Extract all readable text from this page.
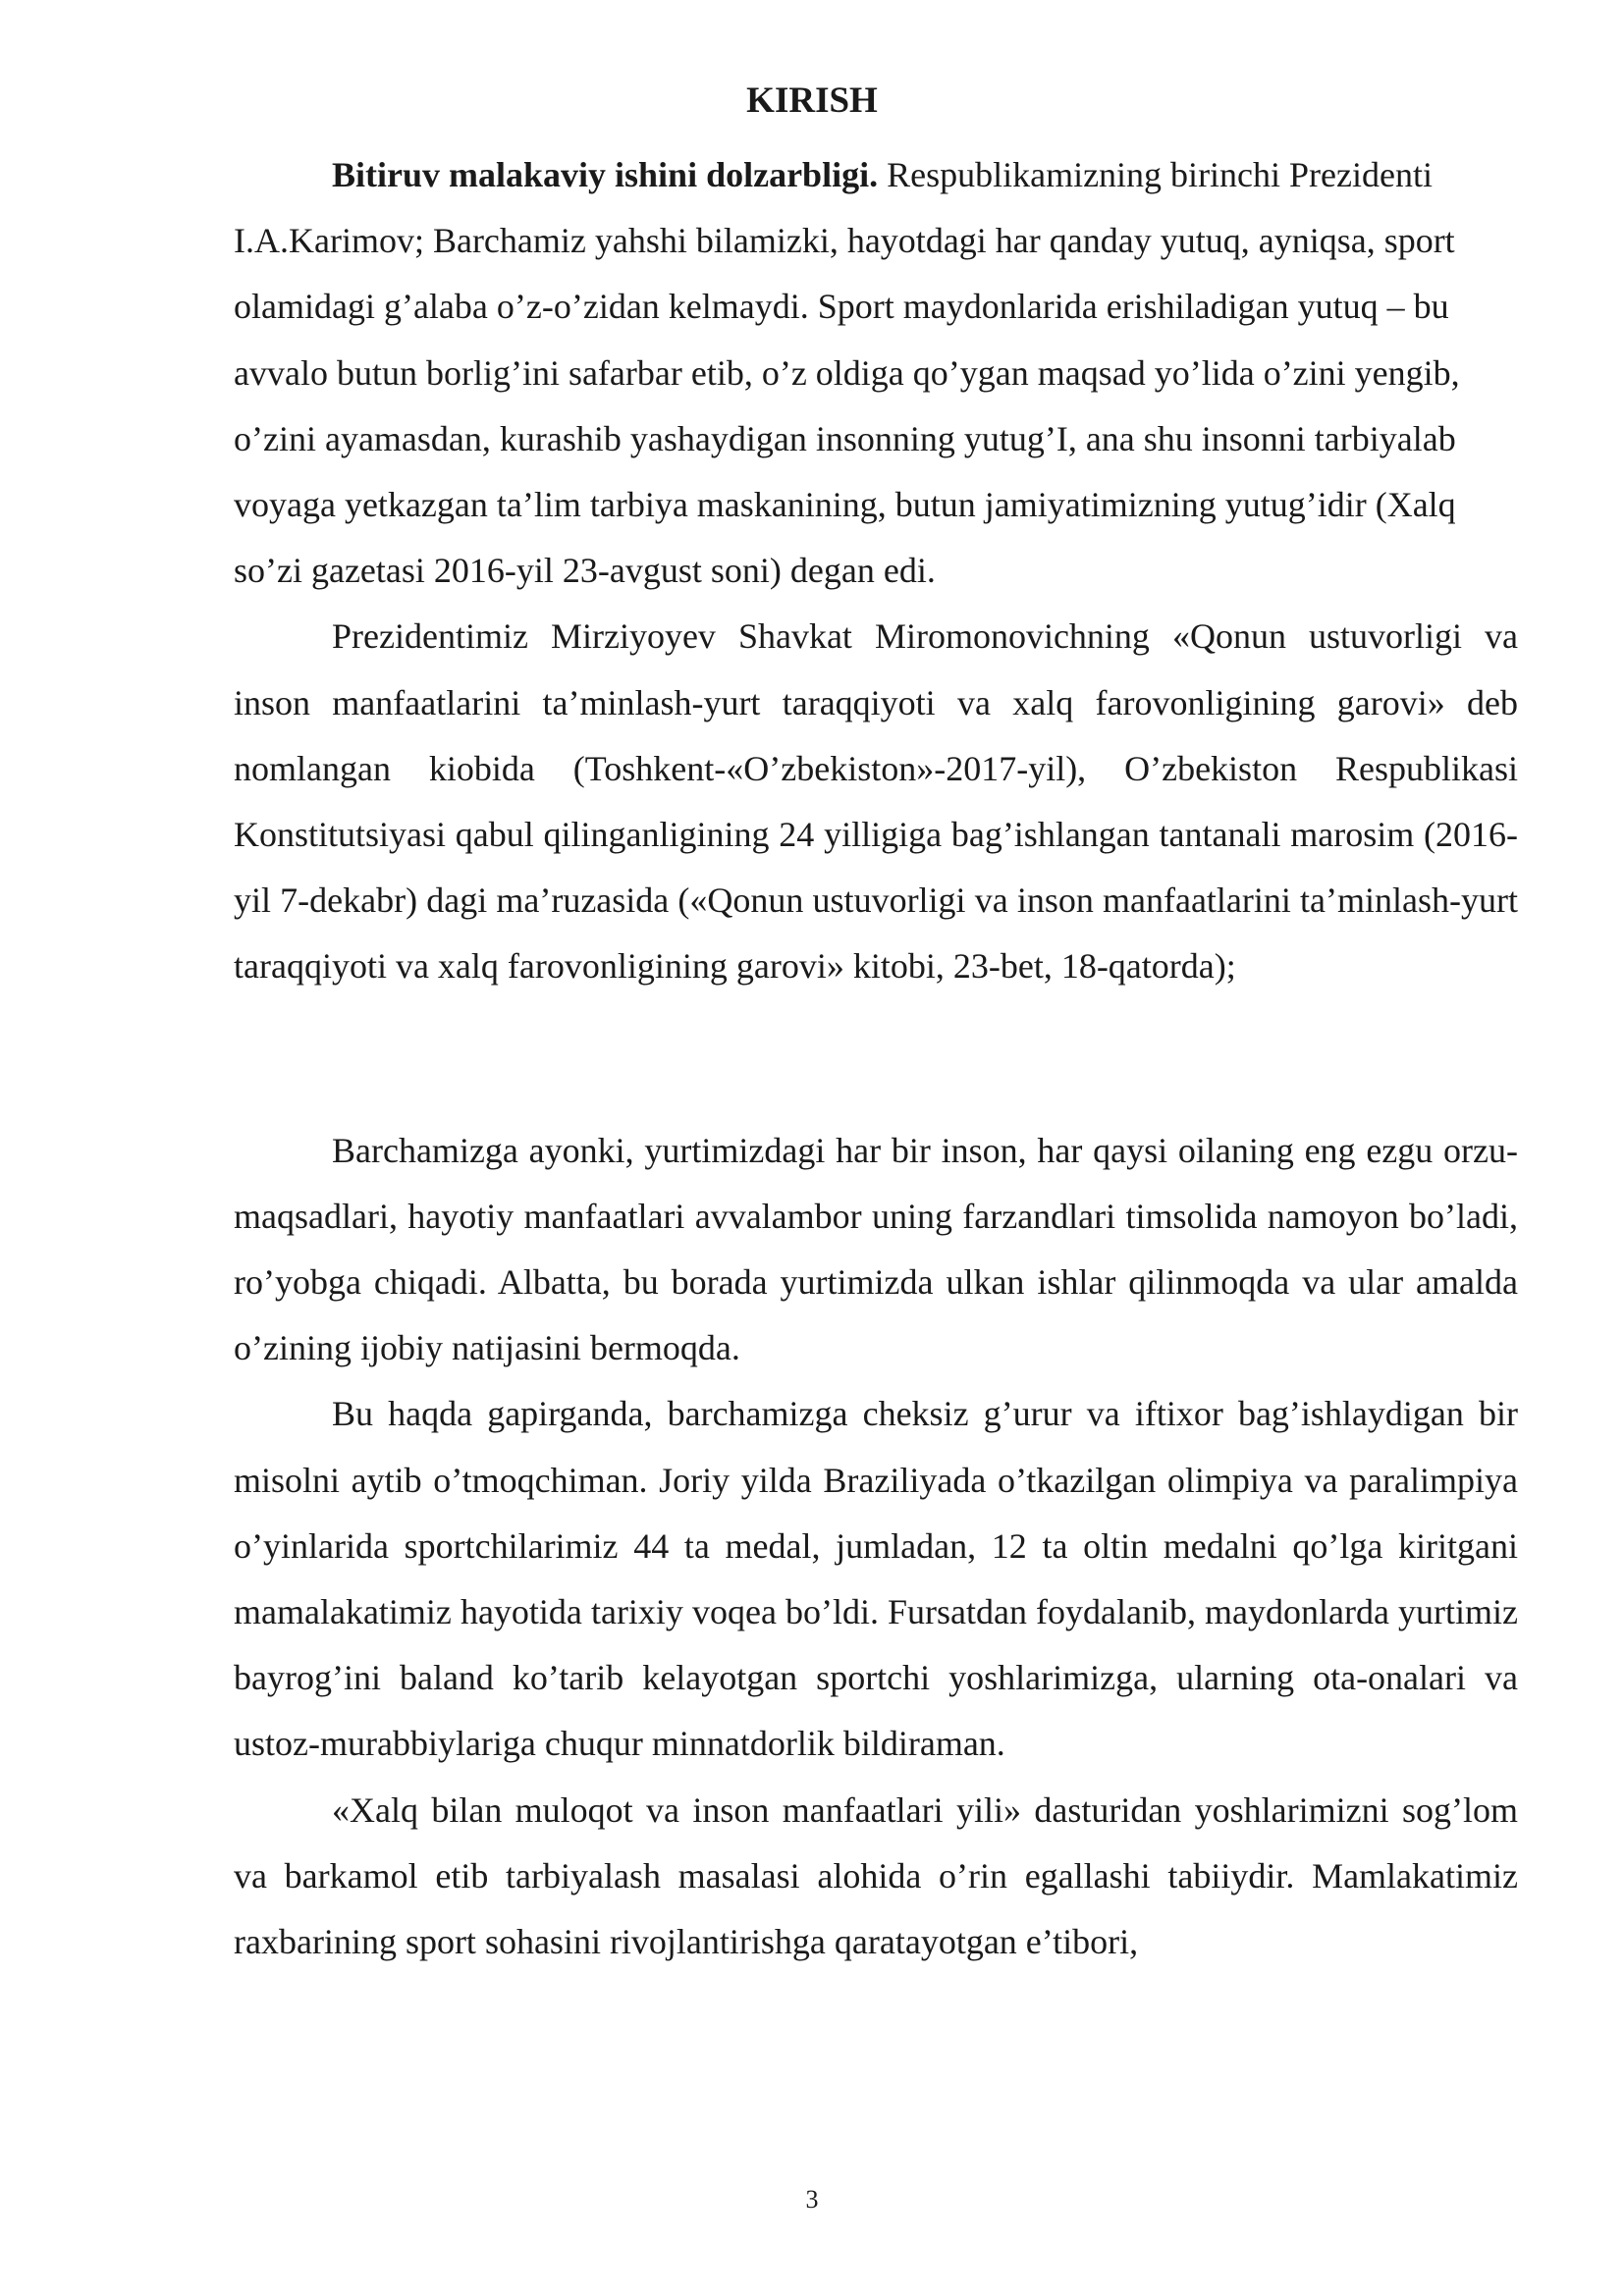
KIRISH

Bitiruv malakaviy ishini dolzarbligi. Respublikamizning birinchi Prezidenti I.A.Karimov; Barchamiz yahshi bilamizki, hayotdagi har qanday yutuq, ayniqsa, sport olamidagi g’alaba o’z-o’zidan kelmaydi. Sport maydonlarida erishiladigan yutuq – bu avvalo butun borlig’ini safarbar etib, o’z oldiga qo’ygan maqsad yo’lida o’zini yengib, o’zini ayamasdan, kurashib yashaydigan insonning yutug’I, ana shu insonni tarbiyalab voyaga yetkazgan ta’lim tarbiya maskanining, butun jamiyatimizning yutug’idir (Xalq so’zi gazetasi 2016-yil 23-avgust soni) degan edi.

Prezidentimiz Mirziyoyev Shavkat Miromonovichning «Qonun ustuvorligi va inson manfaatlarini ta’minlash-yurt taraqqiyoti va xalq farovonligining garovi» deb nomlangan kiobida (Toshkent-«O’zbekiston»-2017-yil), O’zbekiston Respublikasi Konstitutsiyasi qabul qilinganligining 24 yilligiga bag’ishlangan tantanali marosim (2016-yil 7-dekabr) dagi ma’ruzasida («Qonun ustuvorligi va inson manfaatlarini ta’minlash-yurt taraqqiyoti va xalq farovonligining garovi» kitobi, 23-bet, 18-qatorda);

Barchamizga ayonki, yurtimizdagi har bir inson, har qaysi oilaning eng ezgu orzu-maqsadlari, hayotiy manfaatlari avvalambor uning farzandlari timsolida namoyon bo’ladi, ro’yobga chiqadi. Albatta, bu borada yurtimizda ulkan ishlar qilinmoqda va ular amalda o’zining ijobiy natijasini bermoqda.

Bu haqda gapirganda, barchamizga cheksiz g’urur va iftixor bag’ishlaydigan bir misolni aytib o’tmoqchiman. Joriy yilda Braziliyada o’tkazilgan olimpiya va paralimpiya o’yinlarida sportchilarimiz 44 ta medal, jumladan, 12 ta oltin medalni qo’lga kiritgani mamalakatimiz hayotida tarixiy voqea bo’ldi. Fursatdan foydalanib, maydonlarda yurtimiz bayrog’ini baland ko’tarib kelayotgan sportchi yoshlarimizga, ularning ota-onalari va ustoz-murabbiylariga chuqur minnatdorlik bildiraman.

«Xalq bilan muloqot va inson manfaatlari yili» dasturidan yoshlarimizni sog’lom va barkamol etib tarbiyalash masalasi alohida o’rin egallashi tabiiydir. Mamlakatimiz raxbarining sport sohasini rivojlantirishga qaratayotgan e’tibori,

3
